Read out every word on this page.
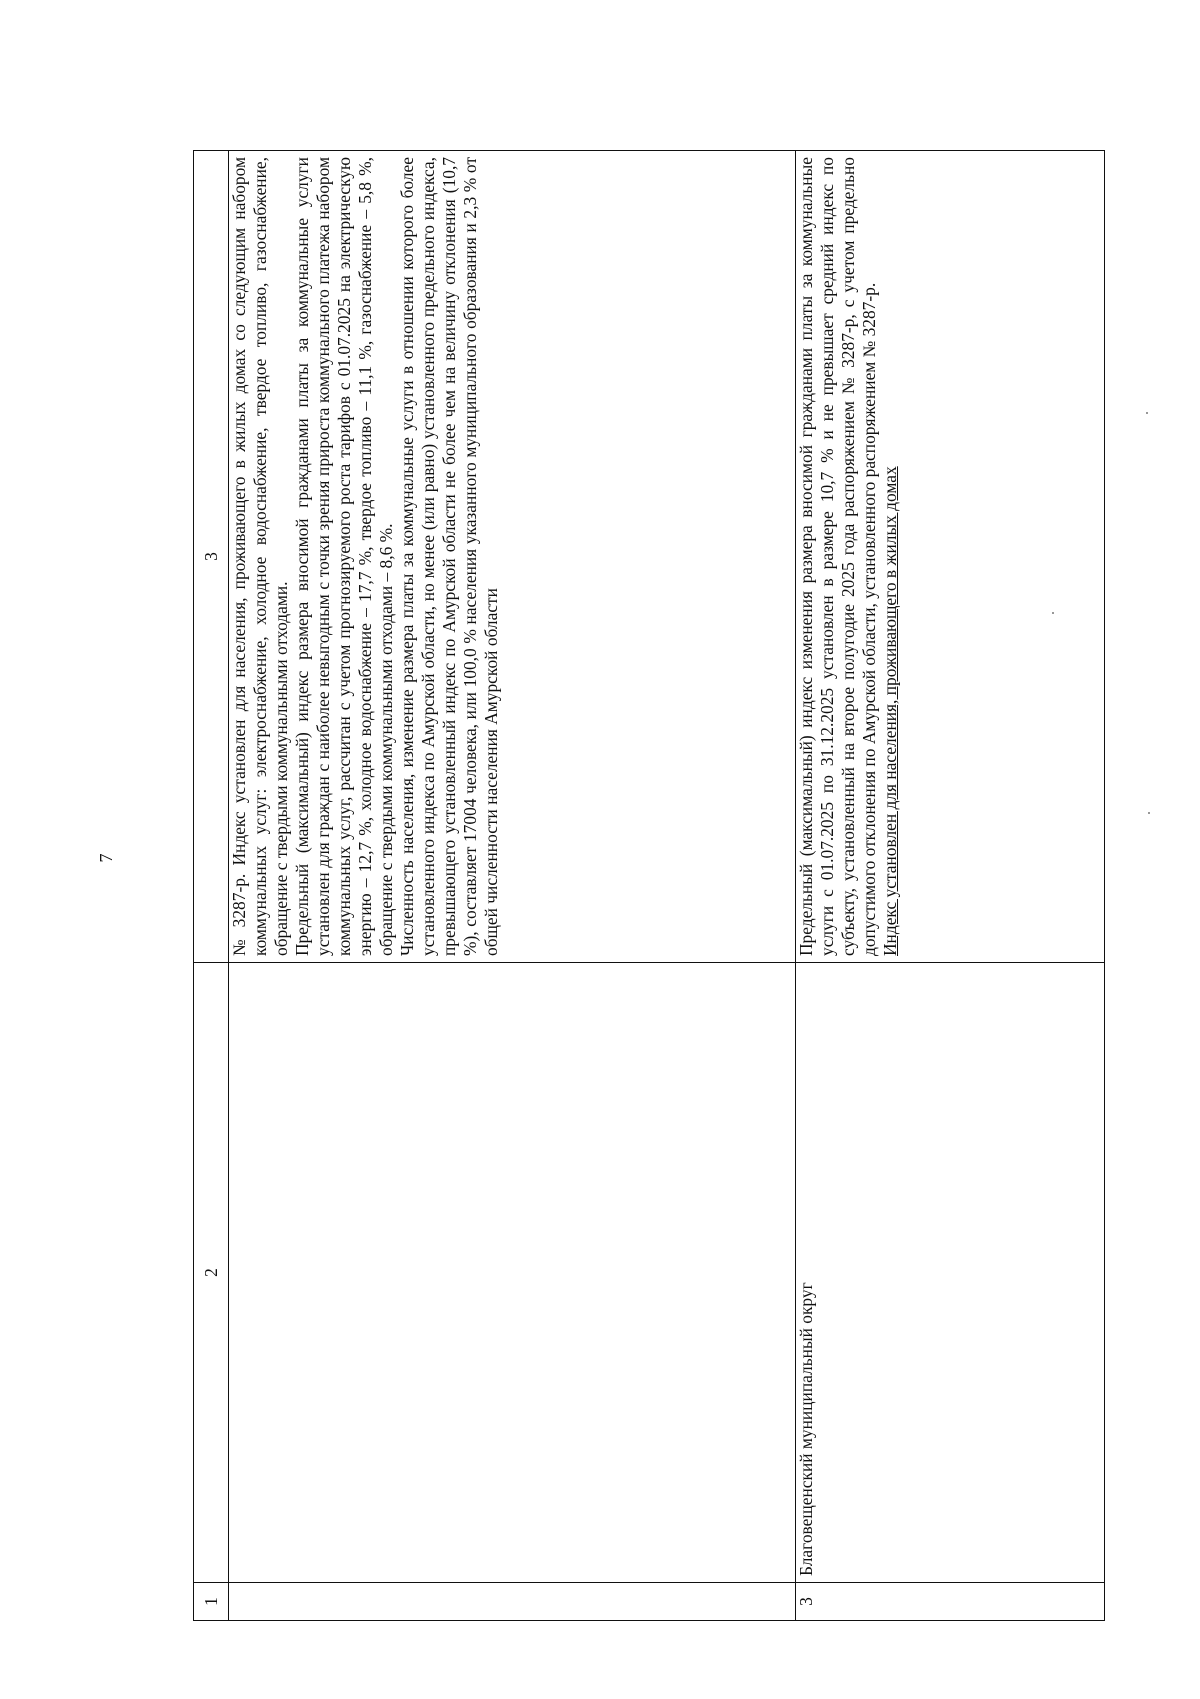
7
1	2	3

		№ 3287-р. Индекс установлен для населения, проживающего в жилых домах со следующим набором коммунальных услуг: электроснабжение, холодное водоснабжение, твердое топливо, газоснабжение, обращение с твердыми коммунальными отходами. Предельный (максимальный) индекс размера вносимой гражданами платы за коммунальные услуги установлен для граждан с наиболее невыгодным с точки зрения прироста коммунального платежа набором коммунальных услуг, рассчитан с учетом прогнозируемого роста тарифов с 01.07.2025 на электрическую энергию – 12,7 %, холодное водоснабжение – 17,7 %, твердое топливо – 11,1 %, газоснабжение – 5,8 %, обращение с твердыми коммунальными отходами – 8,6 %. Численность населения, изменение размера платы за коммунальные услуги в отношении которого более установленного индекса по Амурской области, но менее (или равно) установленного предельного индекса, превышающего установленный индекс по Амурской области не более чем на величину отклонения (10,7 %), составляет 17004 человека, или 100,0 % населения указанного муниципального образования и 2,3 % от общей численности населения Амурской области

3	Благовещенский муниципальный округ	Предельный (максимальный) индекс изменения размера вносимой гражданами платы за коммунальные услуги с 01.07.2025 по 31.12.2025 установлен в размере 10,7 % и не превышает средний индекс по субъекту, установленный на второе полугодие 2025 года распоряжением № 3287-р, с учетом предельно допустимого отклонения по Амурской области, установленного распоряжением № 3287-р. Индекс установлен для населения, проживающего в жилых домах
